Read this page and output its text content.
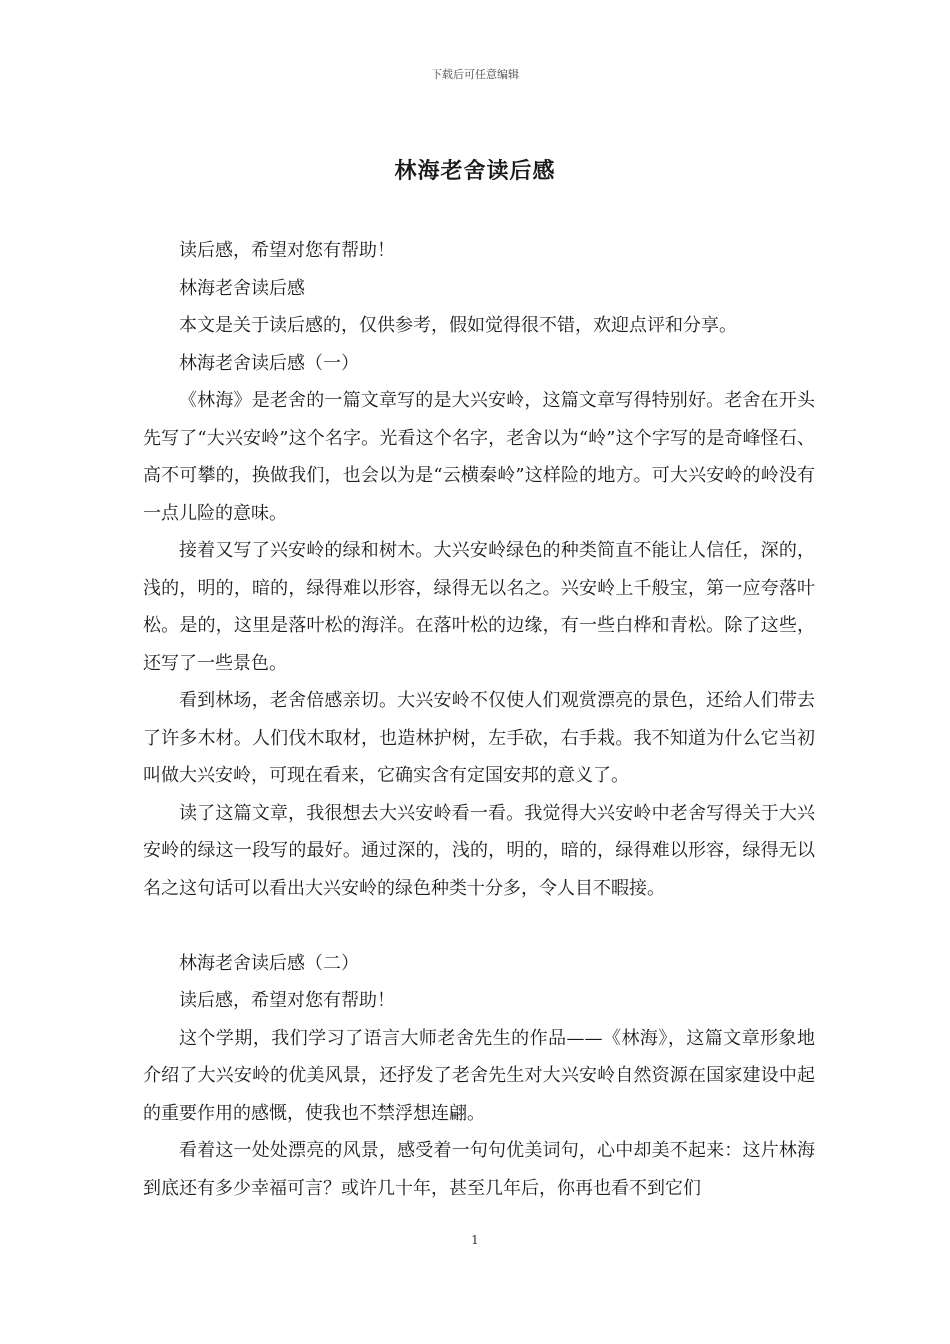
下载后可任意编辑
林海老舍读后感

读后感，希望对您有帮助！

林海老舍读后感

本文是关于读后感的，仅供参考，假如觉得很不错，欢迎点评和分享。

林海老舍读后感（一）

《林海》是老舍的一篇文章写的是大兴安岭，这篇文章写得特别好。老舍在开头先写了“大兴安岭”这个名字。光看这个名字，老舍以为“岭”这个字写的是奇峰怪石、高不可攀的，换做我们，也会以为是“云横秦岭”这样险的地方。可大兴安岭的岭没有一点儿险的意味。

接着又写了兴安岭的绿和树木。大兴安岭绿色的种类简直不能让人信任，深的，浅的，明的，暗的，绿得难以形容，绿得无以名之。兴安岭上千般宝，第一应夸落叶松。是的，这里是落叶松的海洋。在落叶松的边缘，有一些白桦和青松。除了这些，还写了一些景色。

看到林场，老舍倍感亲切。大兴安岭不仅使人们观赏漂亮的景色，还给人们带去了许多木材。人们伐木取材，也造林护树，左手砍，右手栽。我不知道为什么它当初叫做大兴安岭，可现在看来，它确实含有定国安邦的意义了。

读了这篇文章，我很想去大兴安岭看一看。我觉得大兴安岭中老舍写得关于大兴安岭的绿这一段写的最好。通过深的，浅的，明的，暗的，绿得难以形容，绿得无以名之这句话可以看出大兴安岭的绿色种类十分多，令人目不暇接。

林海老舍读后感（二）

读后感，希望对您有帮助！

这个学期，我们学习了语言大师老舍先生的作品——《林海》，这篇文章形象地介绍了大兴安岭的优美风景，还抒发了老舍先生对大兴安岭自然资源在国家建设中起的重要作用的感慨，使我也不禁浮想连翩。

看着这一处处漂亮的风景，感受着一句句优美词句，心中却美不起来：这片林海到底还有多少幸福可言？或许几十年，甚至几年后，你再也看不到它们

1
